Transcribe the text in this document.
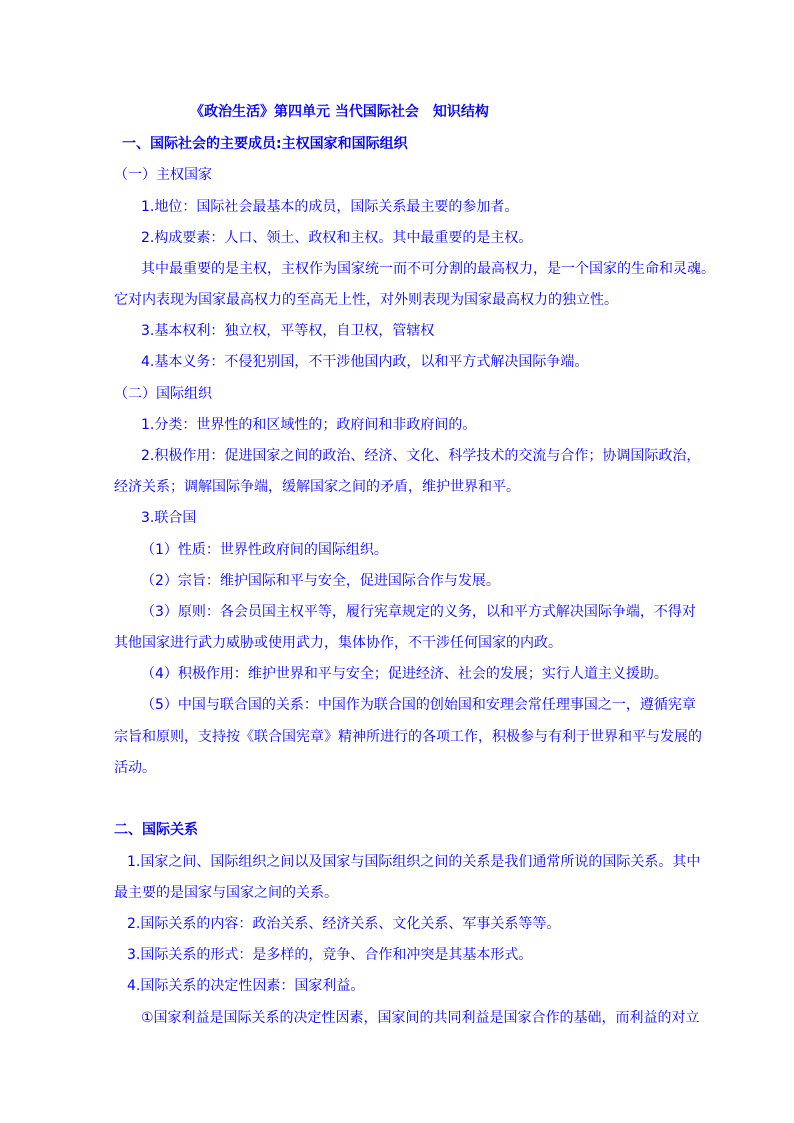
《政治生活》第四单元 当代国际社会　知识结构
一、国际社会的主要成员:主权国家和国际组织
（一）主权国家
1.地位：国际社会最基本的成员，国际关系最主要的参加者。
2.构成要素：人口、领土、政权和主权。其中最重要的是主权。
其中最重要的是主权，主权作为国家统一而不可分割的最高权力，是一个国家的生命和灵魂。
它对内表现为国家最高权力的至高无上性，对外则表现为国家最高权力的独立性。
3.基本权利：独立权，平等权，自卫权，管辖权
4.基本义务：不侵犯别国，不干涉他国内政，以和平方式解决国际争端。
（二）国际组织
1.分类：世界性的和区域性的；政府间和非政府间的。
2.积极作用：促进国家之间的政治、经济、文化、科学技术的交流与合作；协调国际政治，
经济关系；调解国际争端，缓解国家之间的矛盾，维护世界和平。
3.联合国
（1）性质：世界性政府间的国际组织。
（2）宗旨：维护国际和平与安全，促进国际合作与发展。
（3）原则：各会员国主权平等，履行宪章规定的义务，以和平方式解决国际争端，不得对
其他国家进行武力威胁或使用武力，集体协作，不干涉任何国家的内政。
（4）积极作用：维护世界和平与安全；促进经济、社会的发展；实行人道主义援助。
（5）中国与联合国的关系：中国作为联合国的创始国和安理会常任理事国之一，遵循宪章
宗旨和原则，支持按《联合国宪章》精神所进行的各项工作，积极参与有利于世界和平与发展的
活动。
二、国际关系
1.国家之间、国际组织之间以及国家与国际组织之间的关系是我们通常所说的国际关系。其中
最主要的是国家与国家之间的关系。
2.国际关系的内容：政治关系、经济关系、文化关系、军事关系等等。
3.国际关系的形式：是多样的，竞争、合作和冲突是其基本形式。
4.国际关系的决定性因素：国家利益。
①国家利益是国际关系的决定性因素，国家间的共同利益是国家合作的基础，而利益的对立
